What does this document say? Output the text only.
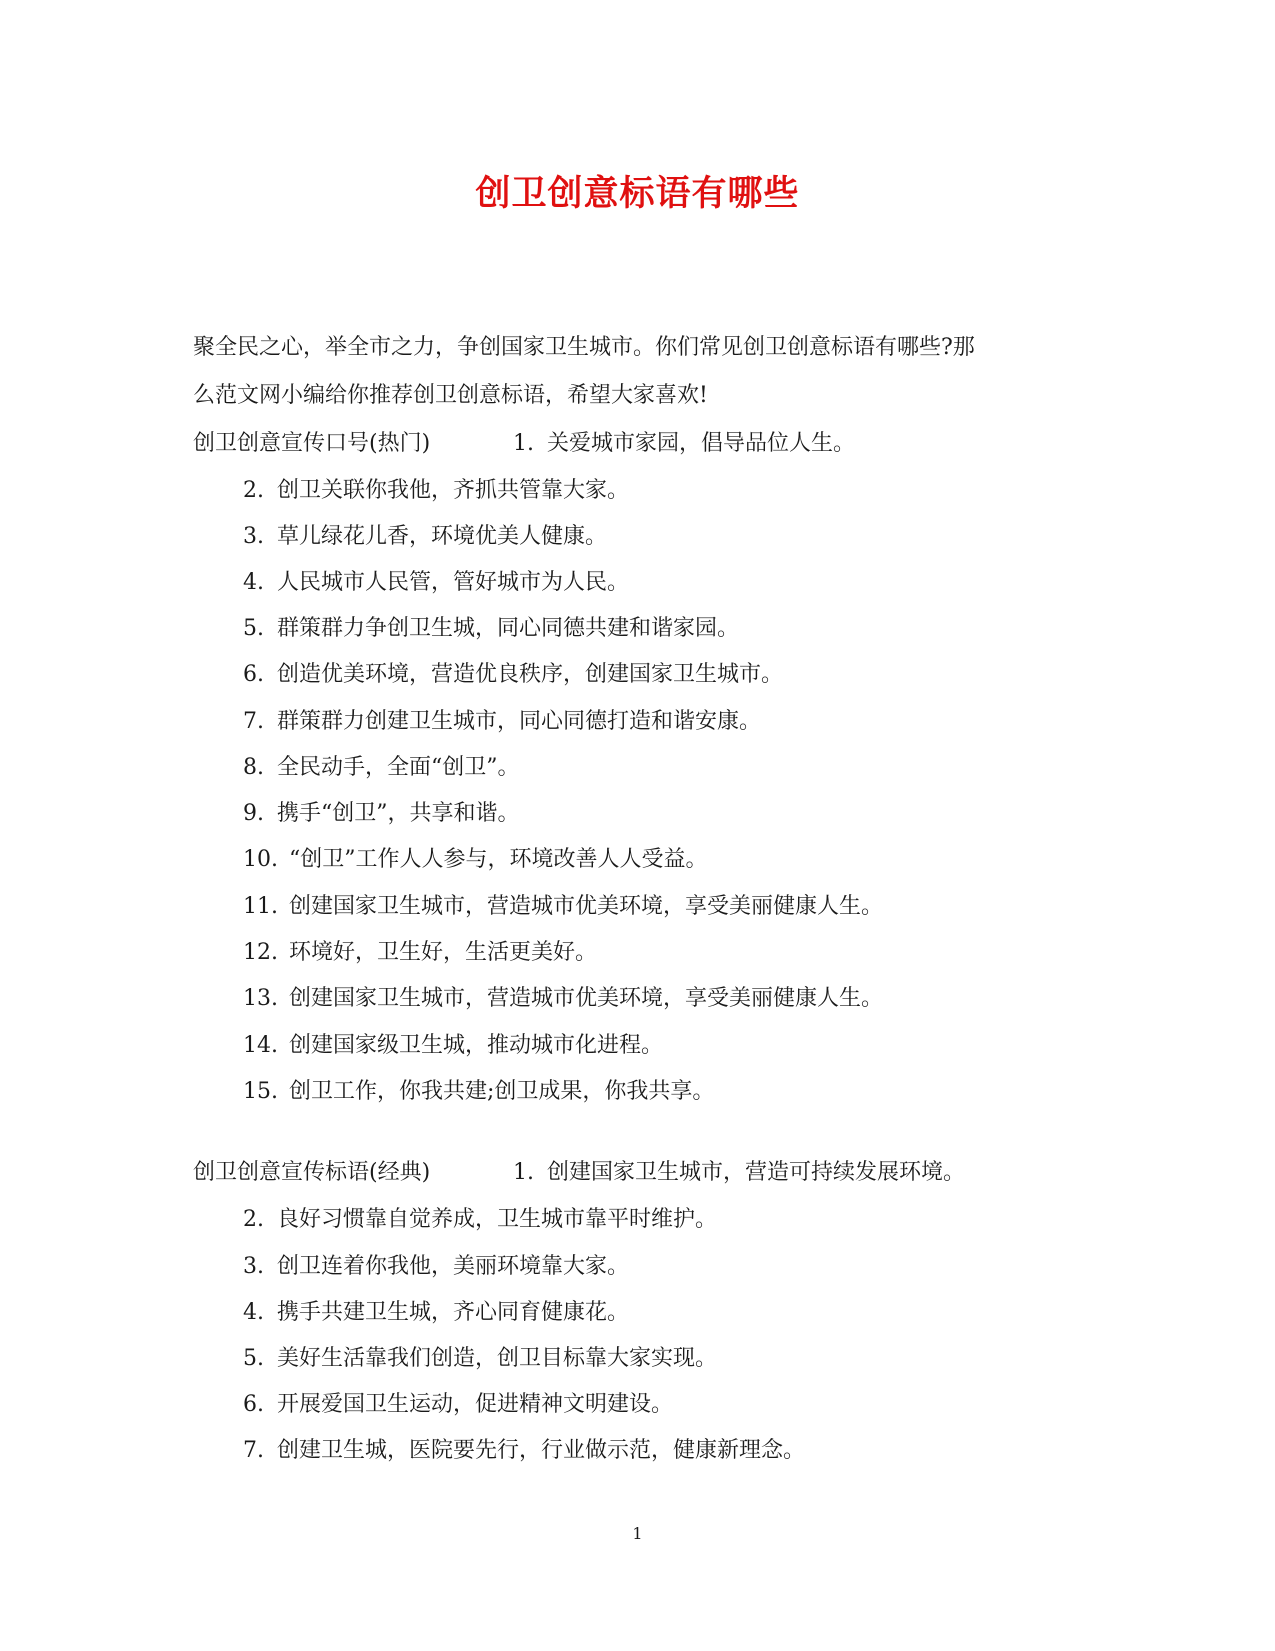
创卫创意标语有哪些
聚全民之心，举全市之力，争创国家卫生城市。你们常见创卫创意标语有哪些?那
么范文网小编给你推荐创卫创意标语，希望大家喜欢!
创卫创意宣传口号(热门)	1. 关爱城市家园，倡导品位人生。
2. 创卫关联你我他，齐抓共管靠大家。
3. 草儿绿花儿香，环境优美人健康。
4. 人民城市人民管，管好城市为人民。
5. 群策群力争创卫生城，同心同德共建和谐家园。
6. 创造优美环境，营造优良秩序，创建国家卫生城市。
7. 群策群力创建卫生城市，同心同德打造和谐安康。
8. 全民动手，全面“创卫”。
9. 携手“创卫”，共享和谐。
10. “创卫”工作人人参与，环境改善人人受益。
11. 创建国家卫生城市，营造城市优美环境，享受美丽健康人生。
12. 环境好，卫生好，生活更美好。
13. 创建国家卫生城市，营造城市优美环境，享受美丽健康人生。
14. 创建国家级卫生城，推动城市化进程。
15. 创卫工作，你我共建;创卫成果，你我共享。
创卫创意宣传标语(经典)	1. 创建国家卫生城市，营造可持续发展环境。
2. 良好习惯靠自觉养成，卫生城市靠平时维护。
3. 创卫连着你我他，美丽环境靠大家。
4. 携手共建卫生城，齐心同育健康花。
5. 美好生活靠我们创造，创卫目标靠大家实现。
6. 开展爱国卫生运动，促进精神文明建设。
7. 创建卫生城，医院要先行，行业做示范，健康新理念。
1
